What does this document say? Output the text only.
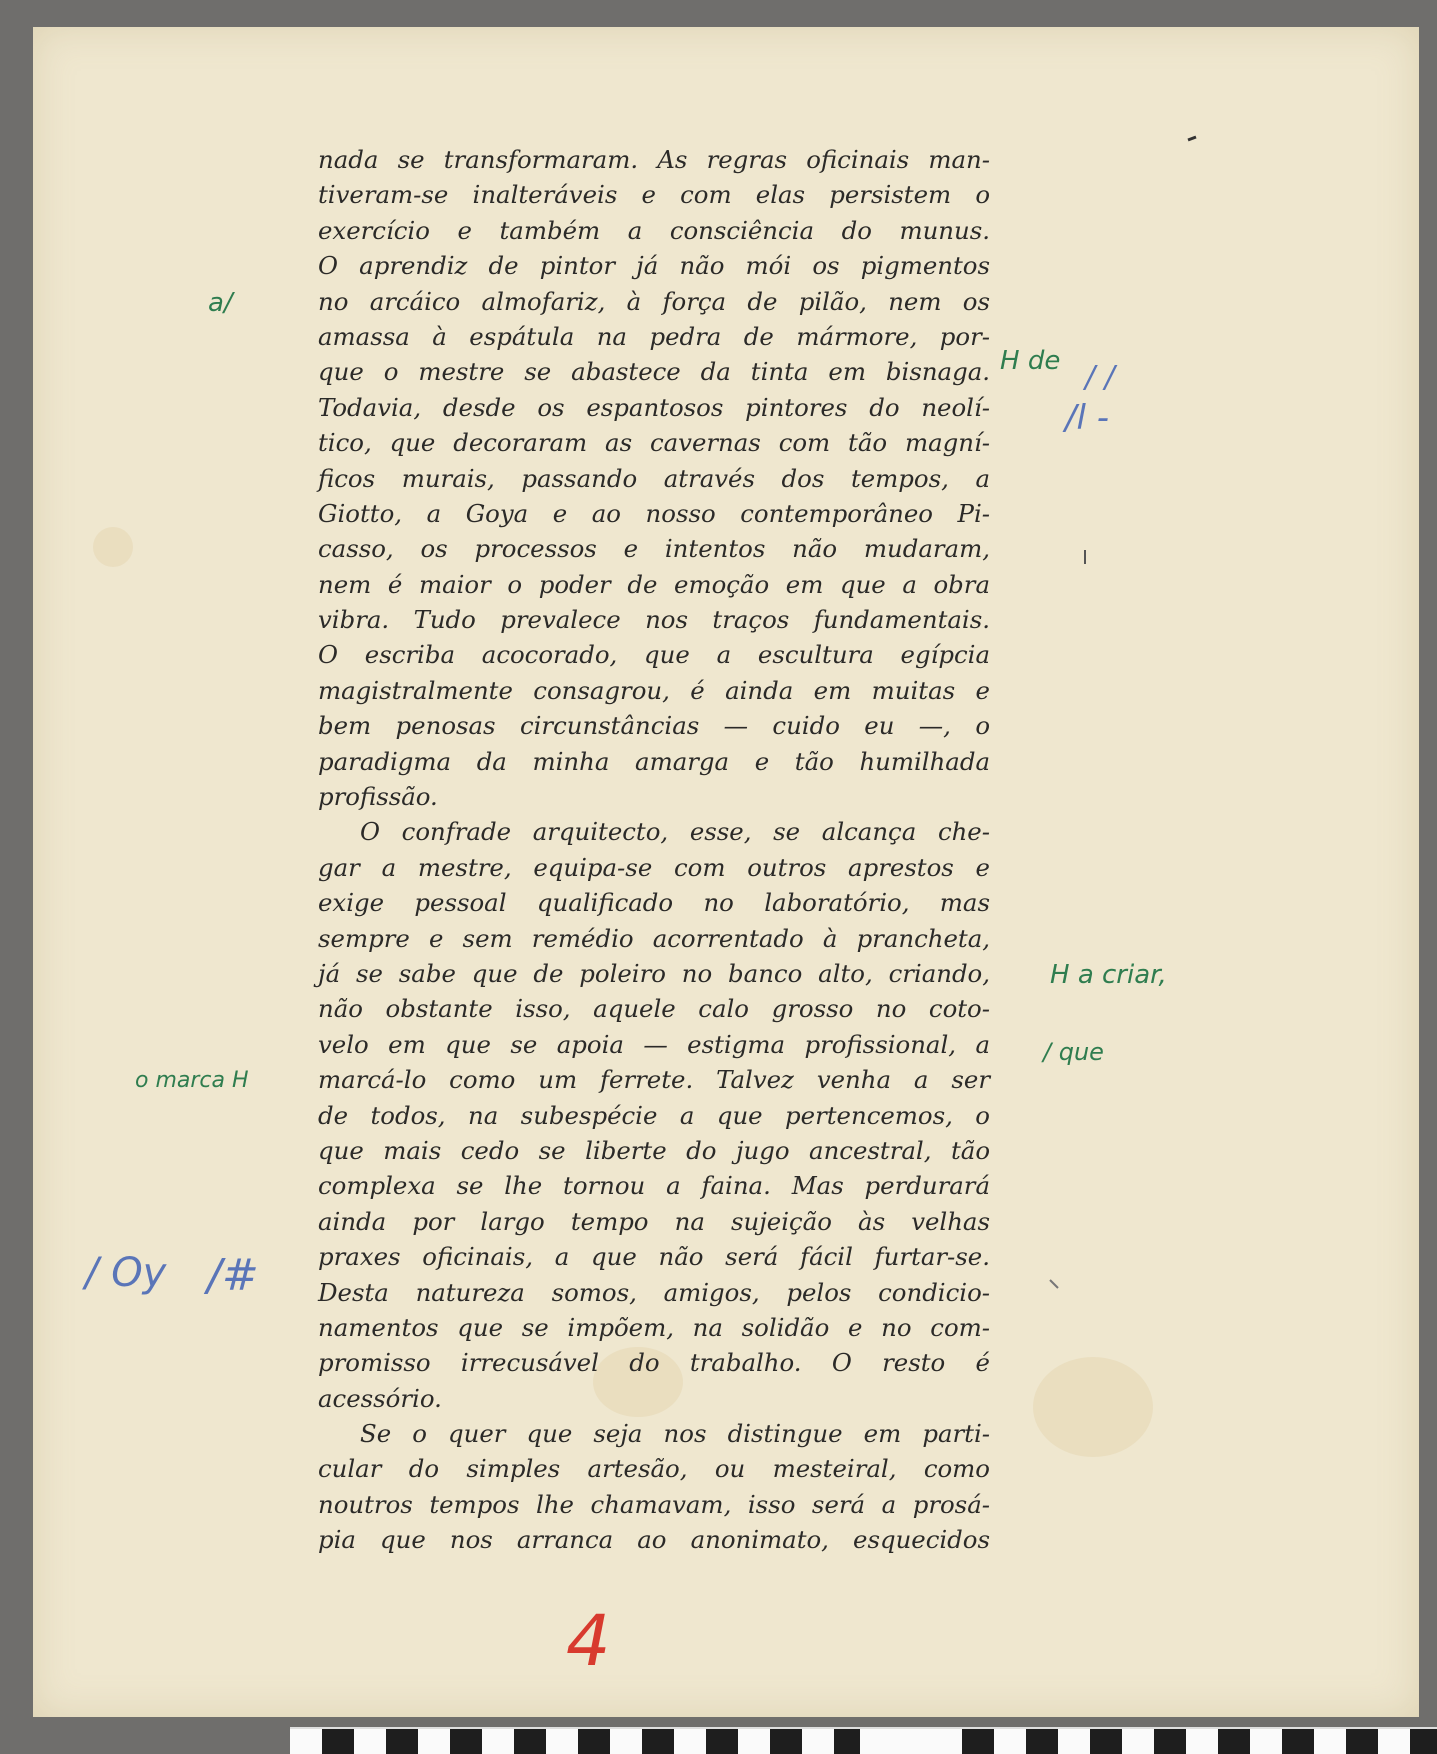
nada se transformaram. As regras oficinais man-
tiveram-se inalteráveis e com elas persistem o
exercício e também a consciência do munus.
O aprendiz de pintor já não mói os pigmentos
no arcáico almofariz, à força de pilão, nem os
amassa à espátula na pedra de mármore, por-
que o mestre se abastece da tinta em bisnaga.
Todavia, desde os espantosos pintores do neolí-
tico, que decoraram as cavernas com tão magní-
ficos murais, passando através dos tempos, a
Giotto, a Goya e ao nosso contemporâneo Pi-
casso, os processos e intentos não mudaram,
nem é maior o poder de emoção em que a obra
vibra. Tudo prevalece nos traços fundamentais.
O escriba acocorado, que a escultura egípcia
magistralmente consagrou, é ainda em muitas e
bem penosas circunstâncias — cuido eu —, o
paradigma da minha amarga e tão humilhada
profissão.
O confrade arquitecto, esse, se alcança che-
gar a mestre, equipa-se com outros aprestos e
exige pessoal qualificado no laboratório, mas
sempre e sem remédio acorrentado à prancheta,
já se sabe que de poleiro no banco alto, criando,
não obstante isso, aquele calo grosso no coto-
velo em que se apoia — estigma profissional, a
marcá-lo como um ferrete. Talvez venha a ser
de todos, na subespécie a que pertencemos, o
que mais cedo se liberte do jugo ancestral, tão
complexa se lhe tornou a faina. Mas perdurará
ainda por largo tempo na sujeição às velhas
praxes oficinais, a que não será fácil furtar-se.
Desta natureza somos, amigos, pelos condicio-
namentos que se impõem, na solidão e no com-
promisso irrecusável do trabalho. O resto é
acessório.
Se o quer que seja nos distingue em parti-
cular do simples artesão, ou mesteiral, como
noutros tempos lhe chamavam, isso será a prosá-
pia que nos arranca ao anonimato, esquecidos
a/
H de / /
/l -
H a criar,
/ que
o marca H
/ Oy /#
4
